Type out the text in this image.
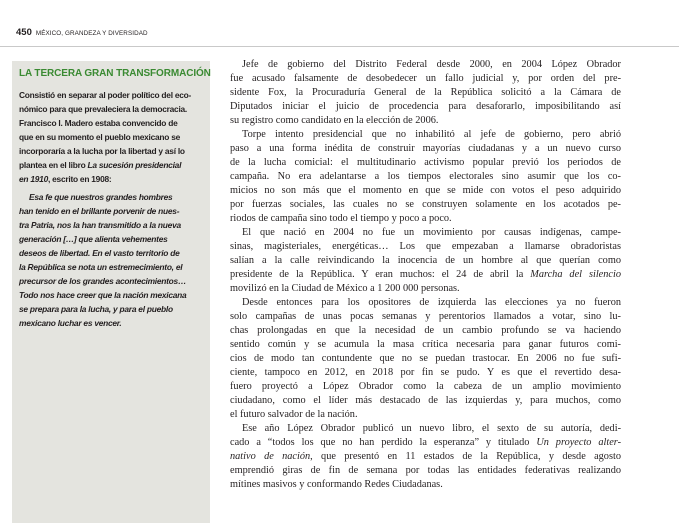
450 MÉXICO, GRANDEZA Y DIVERSIDAD
LA TERCERA GRAN TRANSFORMACIÓN
Consistió en separar al poder político del eco-
nómico para que prevaleciera la democracia.
Francisco I. Madero estaba convencido de
que en su momento el pueblo mexicano se
incorporaría a la lucha por la libertad y así lo
plantea en el libro La sucesión presidencial
en 1910, escrito en 1908:
Esa fe que nuestros grandes hombres
han tenido en el brillante porvenir de nues-
tra Patria, nos la han transmitido a la nueva
generación […] que alienta vehementes
deseos de libertad. En el vasto territorio de
la República se nota un estremecimiento, el
precursor de los grandes acontecimientos…
Todo nos hace creer que la nación mexicana
se prepara para la lucha, y para el pueblo
mexicano luchar es vencer.
Jefe de gobierno del Distrito Federal desde 2000, en 2004 López Obrador
fue acusado falsamente de desobedecer un fallo judicial y, por orden del pre-
sidente Fox, la Procuraduría General de la República solicitó a la Cámara de
Diputados iniciar el juicio de procedencia para desaforarlo, imposibilitando así
su registro como candidato en la elección de 2006.
Torpe intento presidencial que no inhabilitó al jefe de gobierno, pero abrió
paso a una forma inédita de construir mayorías ciudadanas y a un nuevo curso
de la lucha comicial: el multitudinario activismo popular previó los periodos de
campaña. No era adelantarse a los tiempos electorales sino asumir que los co-
micios no son más que el momento en que se mide con votos el peso adquirido
por fuerzas sociales, las cuales no se construyen solamente en los acotados pe-
riodos de campaña sino todo el tiempo y poco a poco.
El que nació en 2004 no fue un movimiento por causas indígenas, campe-
sinas, magisteriales, energéticas… Los que empezaban a llamarse obradoristas
salían a la calle reivindicando la inocencia de un hombre al que querían como
presidente de la República. Y eran muchos: el 24 de abril la Marcha del silencio
movilizó en la Ciudad de México a 1 200 000 personas.
Desde entonces para los opositores de izquierda las elecciones ya no fueron
solo campañas de unas pocas semanas y perentorios llamados a votar, sino lu-
chas prolongadas en que la necesidad de un cambio profundo se va haciendo
sentido común y se acumula la masa crítica necesaria para ganar futuros comi-
cios de modo tan contundente que no se puedan trastocar. En 2006 no fue sufi-
ciente, tampoco en 2012, en 2018 por fin se pudo. Y es que el revertido desa-
fuero proyectó a López Obrador como la cabeza de un amplio movimiento
ciudadano, como el líder más destacado de las izquierdas y, para muchos, como
el futuro salvador de la nación.
Ese año López Obrador publicó un nuevo libro, el sexto de su autoría, dedi-
cado a “todos los que no han perdido la esperanza” y titulado Un proyecto alter-
nativo de nación, que presentó en 11 estados de la República, y desde agosto
emprendió giras de fin de semana por todas las entidades federativas realizando
mítines masivos y conformando Redes Ciudadanas.
